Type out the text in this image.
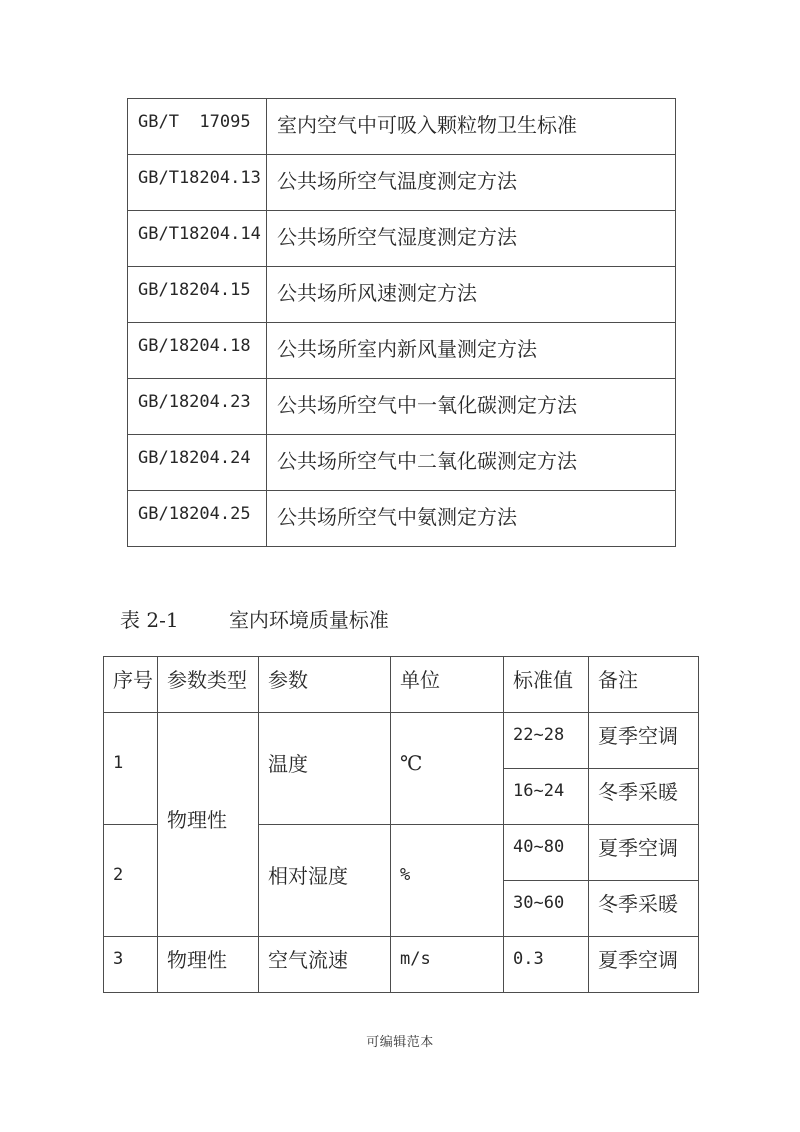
GB/T  17095	室内空气中可吸入颗粒物卫生标准
GB/T18204.13	公共场所空气温度测定方法
GB/T18204.14	公共场所空气湿度测定方法
GB/18204.15	公共场所风速测定方法
GB/18204.18	公共场所室内新风量测定方法
GB/18204.23	公共场所空气中一氧化碳测定方法
GB/18204.24	公共场所空气中二氧化碳测定方法
GB/18204.25	公共场所空气中氨测定方法
表 2-1	室内环境质量标准
序号	参数类型	参数	单位	标准值	备注
1	物理性	温度	℃	22~28	夏季空调
				16~24	冬季采暖
2		相对湿度	%	40~80	夏季空调
				30~60	冬季采暖
3	物理性	空气流速	m/s	0.3	夏季空调
可编辑范本
